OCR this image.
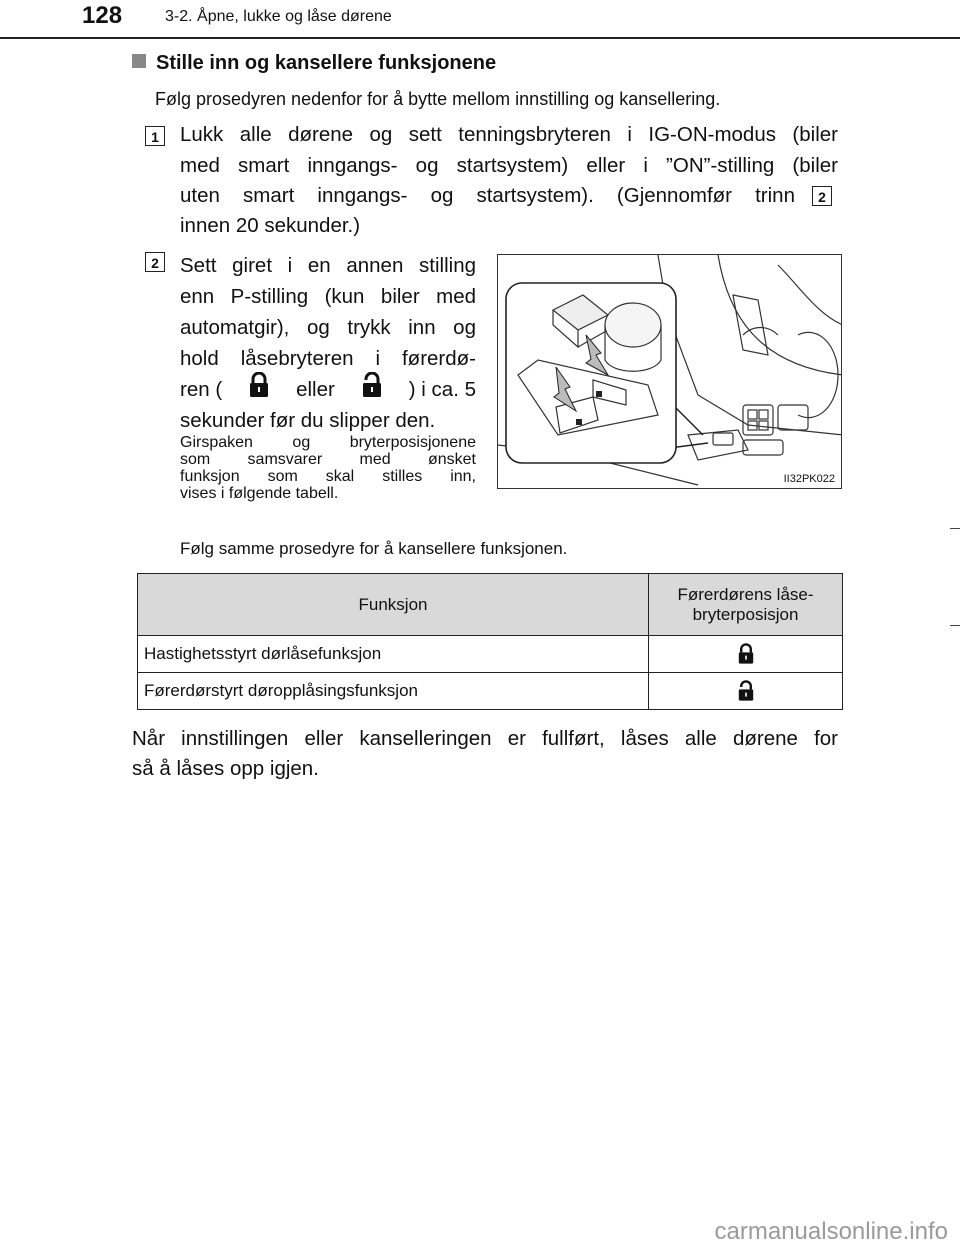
128	3-2. Åpne, lukke og låse dørene
Stille inn og kansellere funksjonene
Følg prosedyren nedenfor for å bytte mellom innstilling og kansellering.
1 Lukk alle dørene og sett tenningsbryteren i IG-ON-modus (biler
med smart inngangs- og startsystem) eller i ”ON”-stilling (biler
uten smart inngangs- og startsystem). (Gjennomfør trinn	2
innen 20 sekunder.)
2 Sett giret i en annen stilling
enn P-stilling (kun biler med
automatgir), og trykk inn og
hold låsebryteren i førerdø-
ren (	eller	) i ca. 5
sekunder før du slipper den.
Girspaken og bryterposisjonene
som samsvarer med ønsket
funksjon som skal stilles inn,
vises i følgende tabell.
II32PK022
Følg samme prosedyre for å kansellere funksjonen.
Funksjon	Førerdørens låse- bryterposisjon
Hastighetsstyrt dørlåsefunksjon	
Førerdørstyrt døropplåsingsfunksjon	
Når innstillingen eller kanselleringen er fullført, låses alle dørene for
så å låses opp igjen.
carmanualsonline.info
